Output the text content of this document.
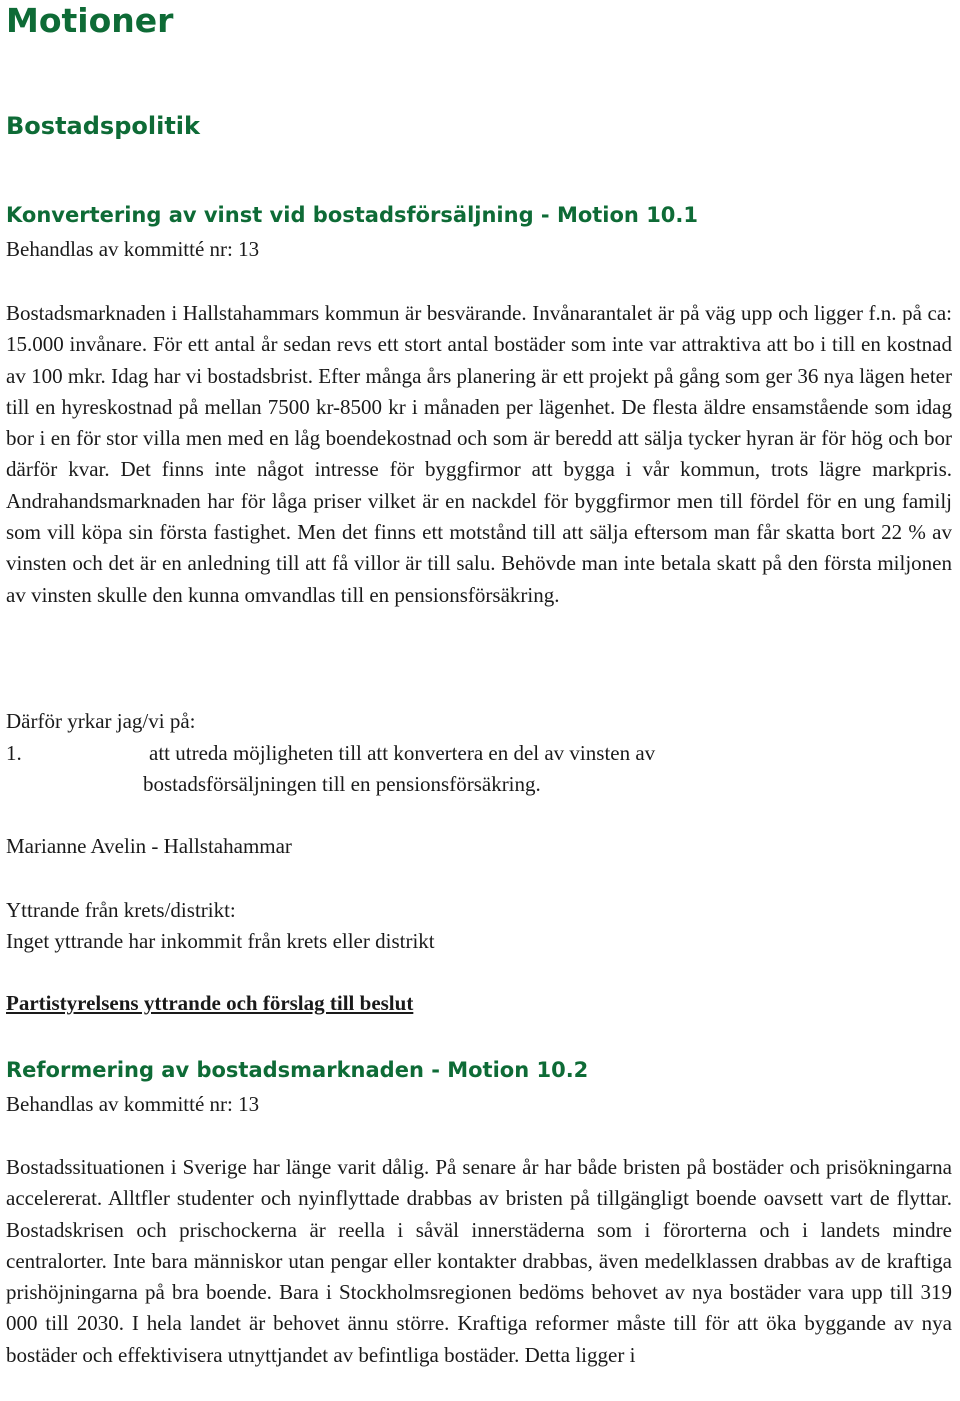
Motioner
Bostadspolitik
Konvertering av vinst vid bostadsförsäljning - Motion 10.1
Behandlas av kommitté nr: 13

Bostadsmarknaden i Hallstahammars kommun är besvärande. Invånarantalet är på väg upp och ligger f.n. på ca: 15.000 invånare. För ett antal år sedan revs ett stort antal bostäder som inte var attraktiva att bo i till en kostnad av 100 mkr. Idag har vi bostadsbrist. Efter många års planering är ett projekt på gång som ger 36 nya lägen heter till en hyreskostnad på mellan 7500 kr-8500 kr i månaden per lägenhet. De flesta äldre ensamstående som idag bor i en för stor villa men med en låg boendekostnad och som är beredd att sälja tycker hyran är för hög och bor därför kvar. Det finns inte något intresse för byggfirmor att bygga i vår kommun, trots lägre markpris. Andrahandsmarknaden har för låga priser vilket är en nackdel för byggfirmor men till fördel för en ung familj som vill köpa sin första fastighet. Men det finns ett motstånd till att sälja eftersom man får skatta bort 22 % av vinsten och det är en anledning till att få villor är till salu. Behövde man inte betala skatt på den första miljonen av vinsten skulle den kunna omvandlas till en pensionsförsäkring.

Därför yrkar jag/vi på:
1.	att utreda möjligheten till att konvertera en del av vinsten av
bostadsförsäljningen till en pensionsförsäkring.
Marianne Avelin - Hallstahammar
Yttrande från krets/distrikt:
Inget yttrande har inkommit från krets eller distrikt
Partistyrelsens yttrande och förslag till beslut
Reformering av bostadsmarknaden - Motion 10.2
Behandlas av kommitté nr: 13

Bostadssituationen i Sverige har länge varit dålig. På senare år har både bristen på bostäder och prisökningarna accelererat. Alltfler studenter och nyinflyttade drabbas av bristen på tillgängligt boende oavsett vart de flyttar. Bostadskrisen och prischockerna är reella i såväl innerstäderna som i förorterna och i landets mindre centralorter. Inte bara människor utan pengar eller kontakter drabbas, även medelklassen drabbas av de kraftiga prishöjningarna på bra boende. Bara i Stockholmsregionen bedöms behovet av nya bostäder vara upp till 319 000 till 2030. I hela landet är behovet ännu större. Kraftiga reformer måste till för att öka byggande av nya bostäder och effektivisera utnyttjandet av befintliga bostäder. Detta ligger i
